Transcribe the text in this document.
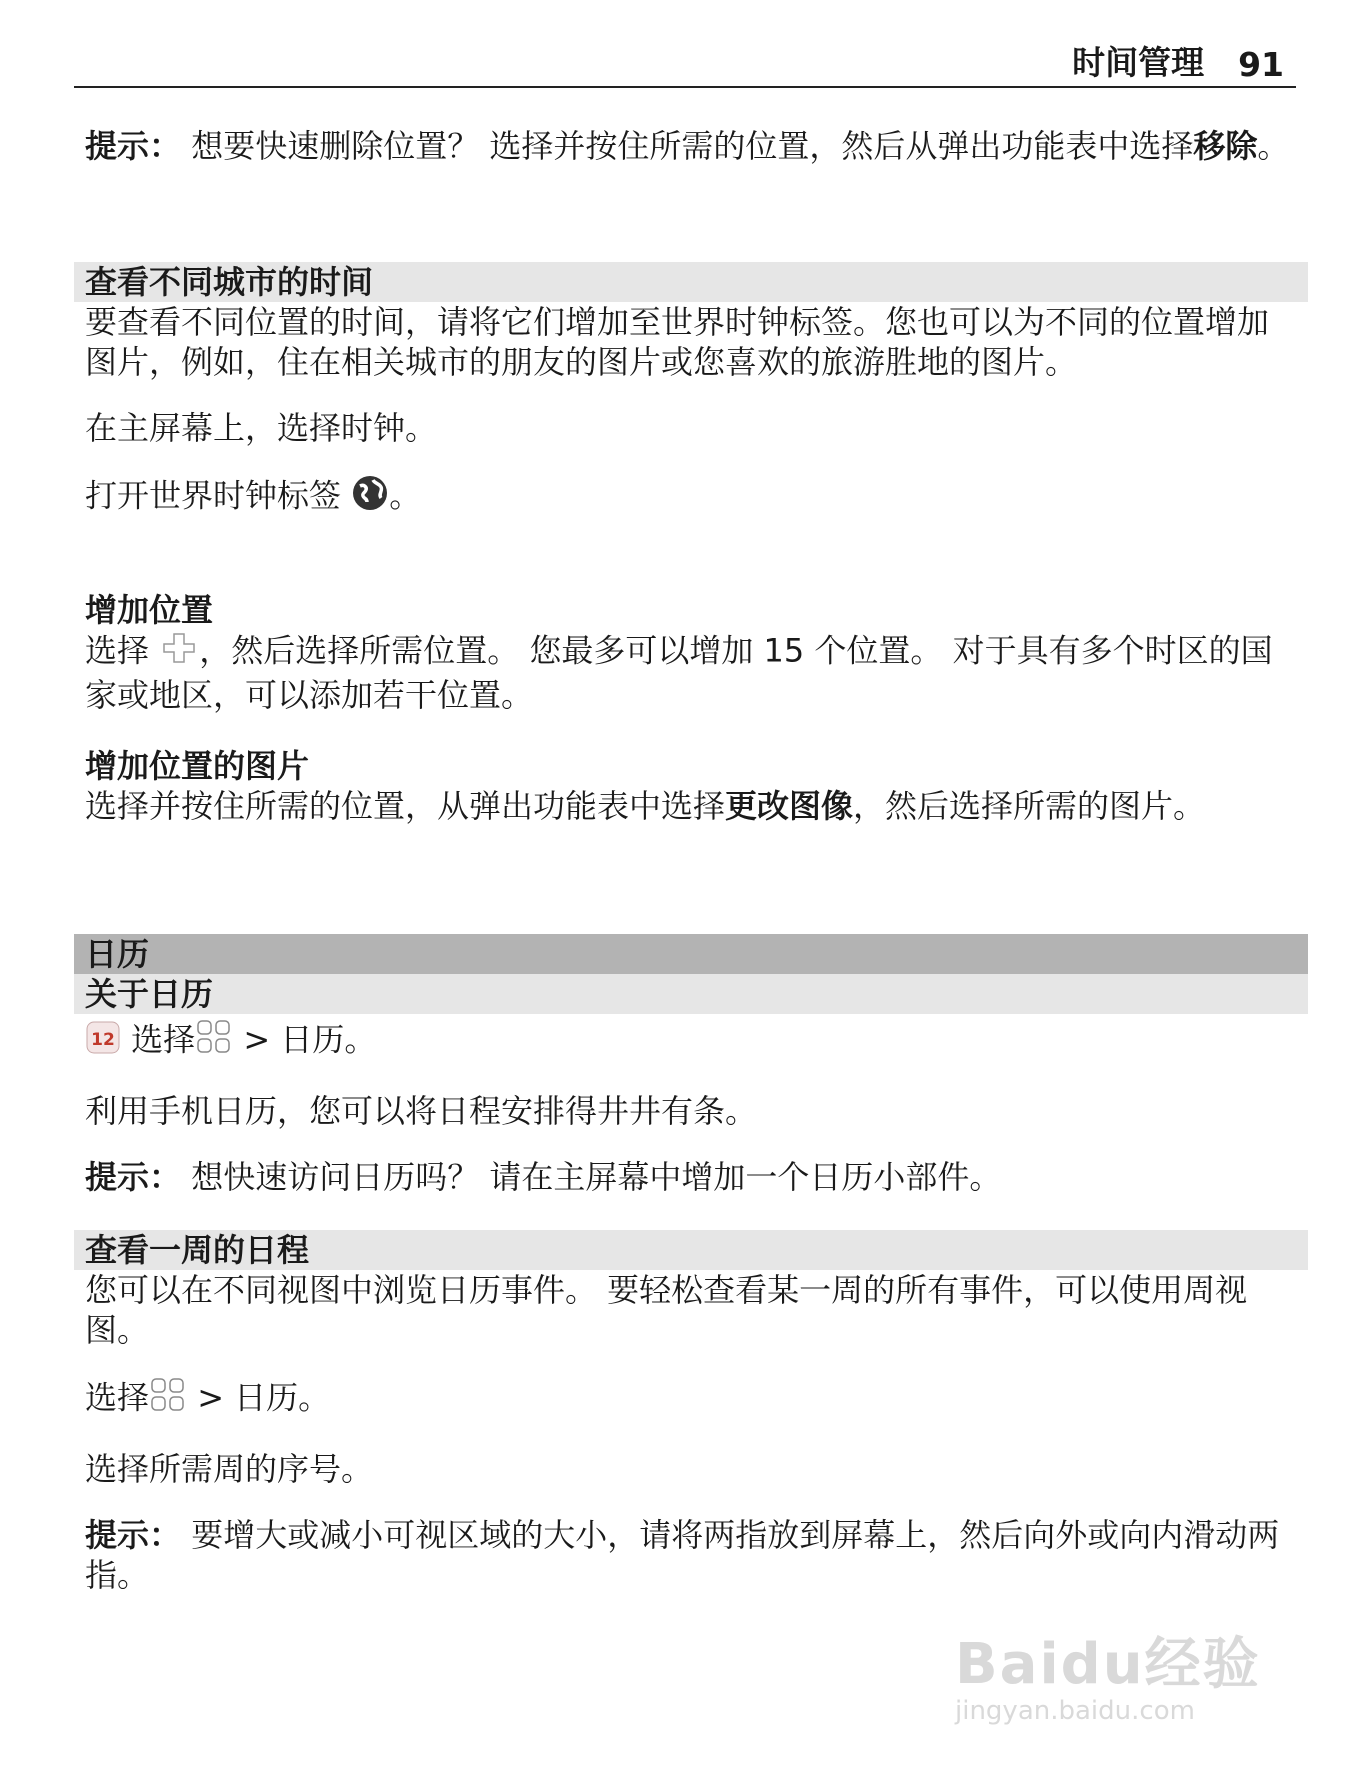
时间管理 91

提示： 想要快速删除位置？ 选择并按住所需的位置，然后从弹出功能表中选择移除。

查看不同城市的时间

要查看不同位置的时间，请将它们增加至世界时钟标签。您也可以为不同的位置增加图片，例如，住在相关城市的朋友的图片或您喜欢的旅游胜地的图片。

在主屏幕上，选择时钟。

打开世界时钟标签 。

增加位置

选择 ，然后选择所需位置。 您最多可以增加 15 个位置。 对于具有多个时区的国家或地区，可以添加若干位置。

增加位置的图片

选择并按住所需的位置，从弹出功能表中选择更改图像，然后选择所需的图片。

日历
关于日历

12 选择 > 日历。

利用手机日历，您可以将日程安排得井井有条。

提示： 想快速访问日历吗？ 请在主屏幕中增加一个日历小部件。

查看一周的日程

您可以在不同视图中浏览日历事件。 要轻松查看某一周的所有事件，可以使用周视图。

选择 > 日历。

选择所需周的序号。

提示： 要增大或减小可视区域的大小，请将两指放到屏幕上，然后向外或向内滑动两指。

Baidu经验
jingyan.baidu.com
